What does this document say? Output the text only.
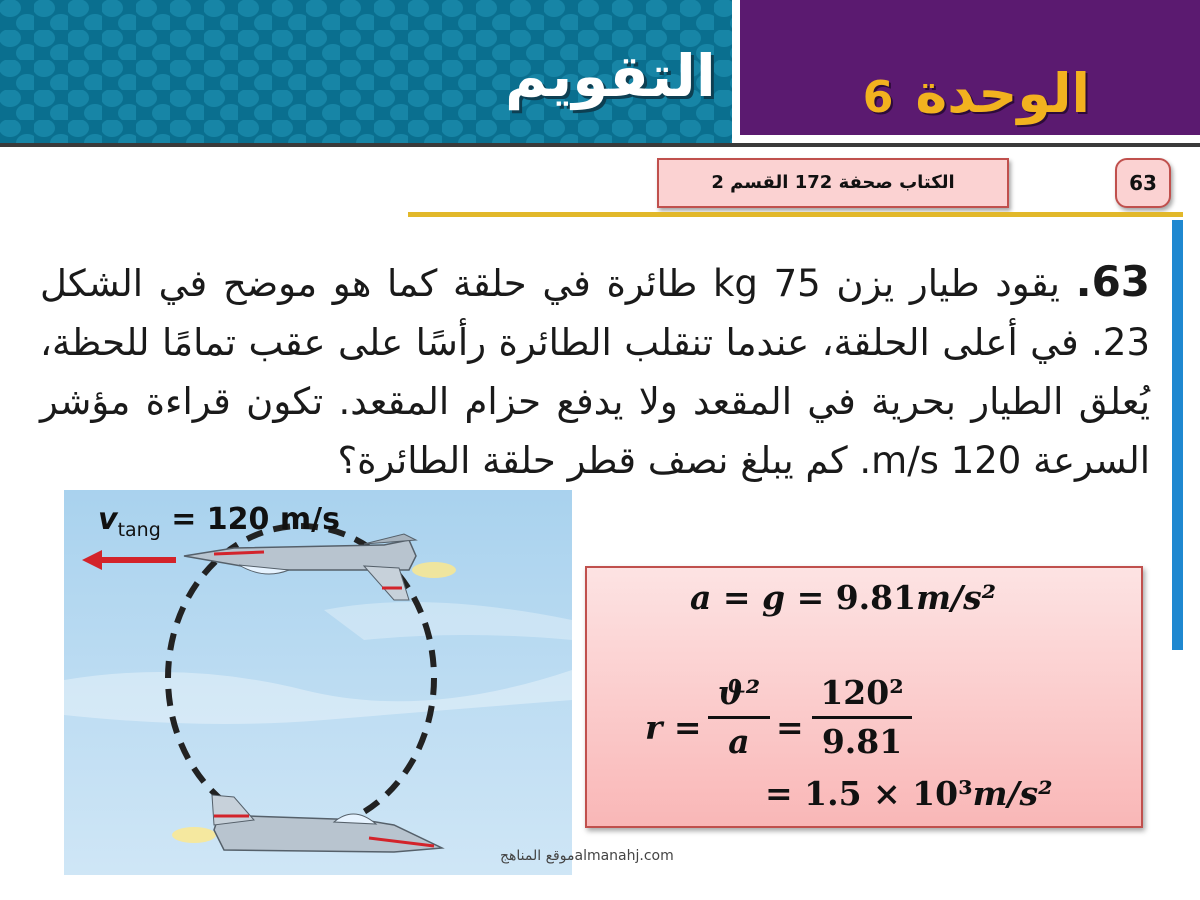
التقويم	الوحدة6
الكتاب صحفة 172 القسم 2	63
63. يقود طيار يزن 75 kg طائرة في حلقة كما هو موضح في الشكل 23. في أعلى الحلقة، عندما تنقلب الطائرة رأسًا على عقب تمامًا للحظة، يُعلق الطيار بحرية في المقعد ولا يدفع حزام المقعد. تكون قراءة مؤشر السرعة 120 m/s. كم يبلغ نصف قطر حلقة الطائرة؟
$v_{tang} = 120$ m/s
a = g = 9.81m/s²
r =
ϑ²
a =
120²
9.81
= 1.5 × 10³m/s²
موقع المناهجalmanahj.com
